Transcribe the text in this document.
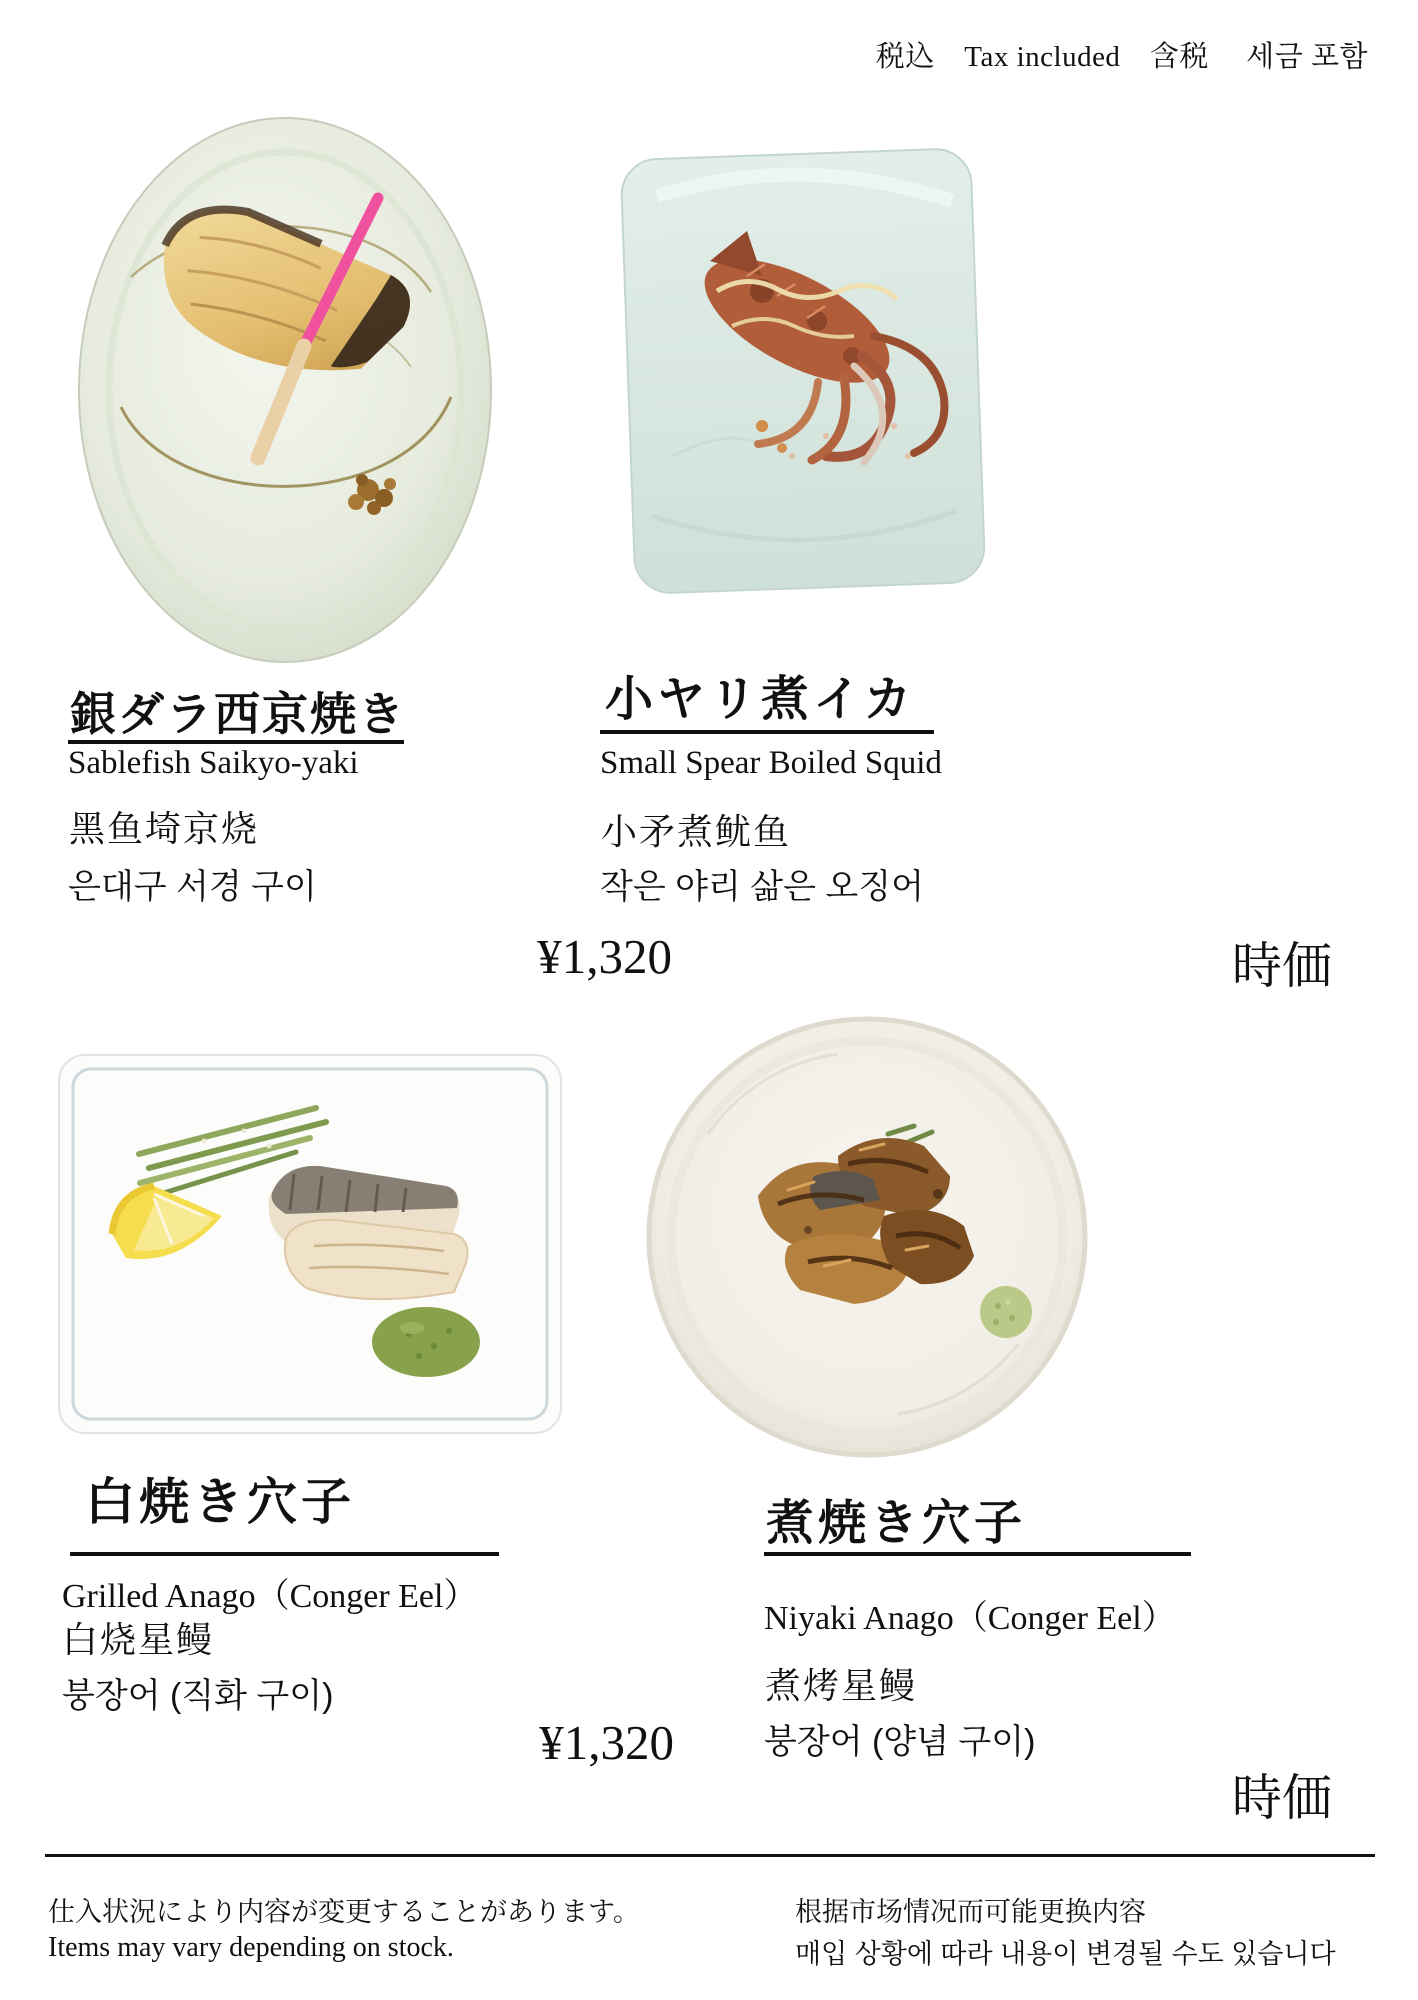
税込　Tax included　含税　 세금 포함

銀ダラ西京焼き

Sablefish Saikyo-yaki

黑鱼埼京烧

은대구 서경 구이

¥1,320

小ヤリ煮イカ

Small Spear Boiled Squid

小矛煮鱿鱼

작은 야리 삶은 오징어

時価

白焼き穴子

Grilled Anago（Conger Eel）

白烧星鳗

붕장어 (직화 구이)

¥1,320

煮焼き穴子

Niyaki Anago（Conger Eel）

煮烤星鳗

붕장어 (양념 구이)

時価

仕入状況により内容が変更することがあります。

Items may vary depending on stock.

根据市场情况而可能更换内容

매입 상황에 따라 내용이 변경될 수도 있습니다
